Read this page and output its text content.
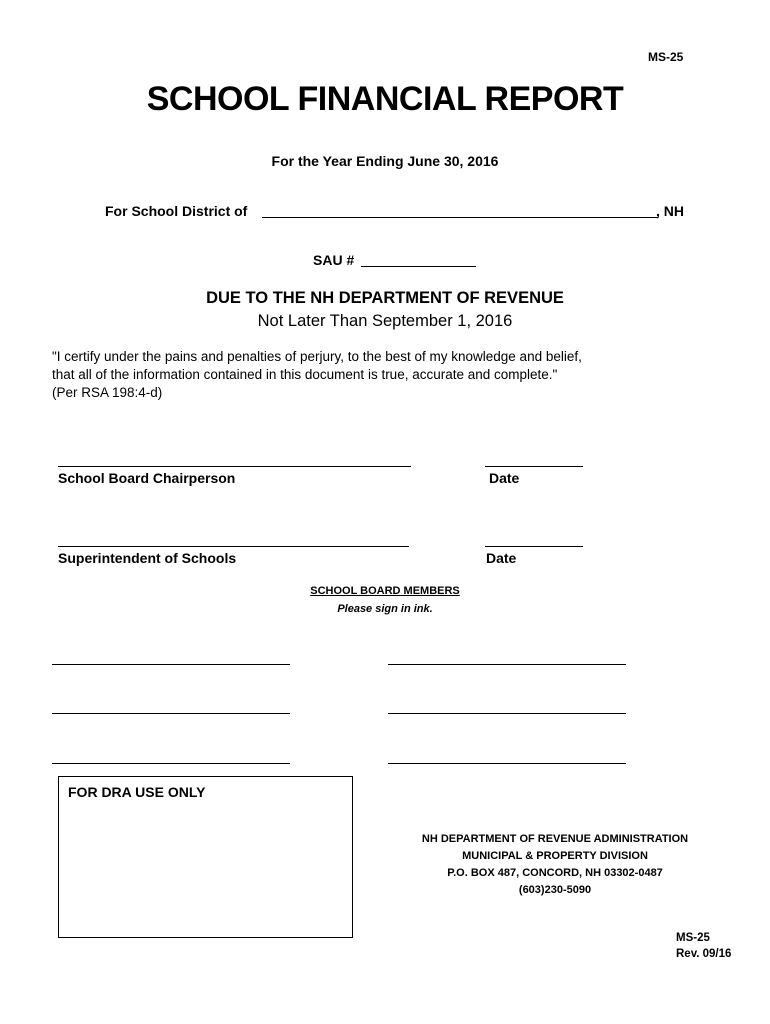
MS-25
SCHOOL FINANCIAL REPORT
For the Year Ending June 30, 2016
For School District of	, NH
SAU #
DUE TO THE NH DEPARTMENT OF REVENUE
Not Later Than September 1, 2016
"I certify under the pains and penalties of perjury, to the best of my knowledge and belief,
that all of the information contained in this document is true, accurate and complete."
(Per RSA 198:4-d)
School Board Chairperson	Date
Superintendent of Schools	Date
SCHOOL BOARD MEMBERS
Please sign in ink.
FOR DRA USE ONLY
NH DEPARTMENT OF REVENUE ADMINISTRATION
MUNICIPAL & PROPERTY DIVISION
P.O. BOX 487, CONCORD, NH 03302-0487
(603)230-5090
MS-25
Rev. 09/16
